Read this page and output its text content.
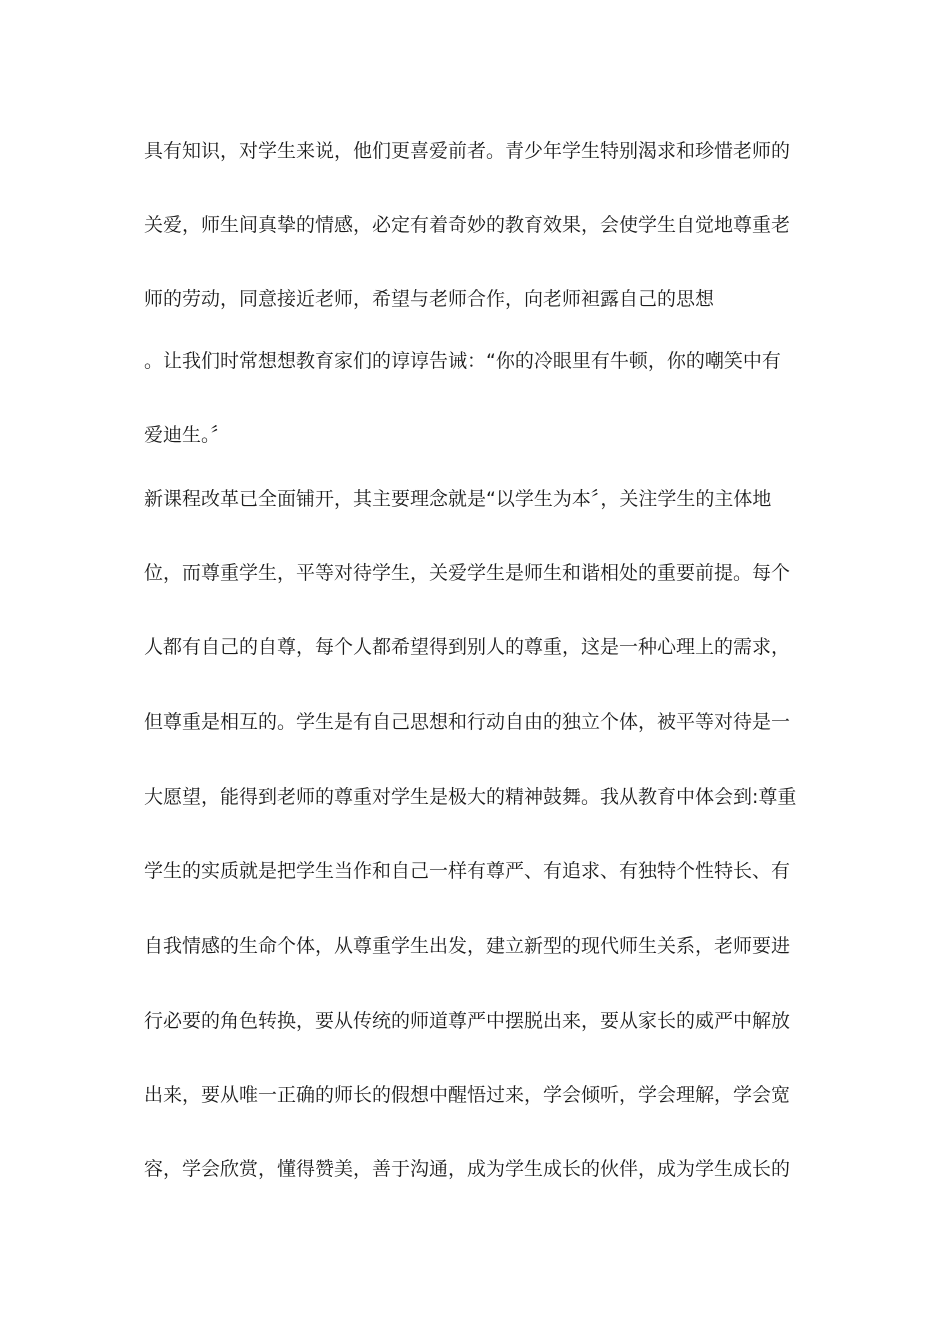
具有知识，对学生来说，他们更喜爱前者。青少年学生特别渴求和珍惜老师的
关爱，师生间真挚的情感，必定有着奇妙的教育效果，会使学生自觉地尊重老
师的劳动，同意接近老师，希望与老师合作，向老师袒露自己的思想
。让我们时常想想教育家们的谆谆告诫：“你的冷眼里有牛顿，你的嘲笑中有
爱迪生。〞
新课程改革已全面铺开，其主要理念就是“以学生为本〞，关注学生的主体地
位，而尊重学生，平等对待学生，关爱学生是师生和谐相处的重要前提。每个
人都有自己的自尊，每个人都希望得到别人的尊重，这是一种心理上的需求，
但尊重是相互的。学生是有自己思想和行动自由的独立个体，被平等对待是一
大愿望，能得到老师的尊重对学生是极大的精神鼓舞。我从教育中体会到:尊重
学生的实质就是把学生当作和自己一样有尊严、有追求、有独特个性特长、有
自我情感的生命个体，从尊重学生出发，建立新型的现代师生关系，老师要进
行必要的角色转换，要从传统的师道尊严中摆脱出来，要从家长的威严中解放
出来，要从唯一正确的师长的假想中醒悟过来，学会倾听，学会理解，学会宽
容，学会欣赏，懂得赞美，善于沟通，成为学生成长的伙伴，成为学生成长的
